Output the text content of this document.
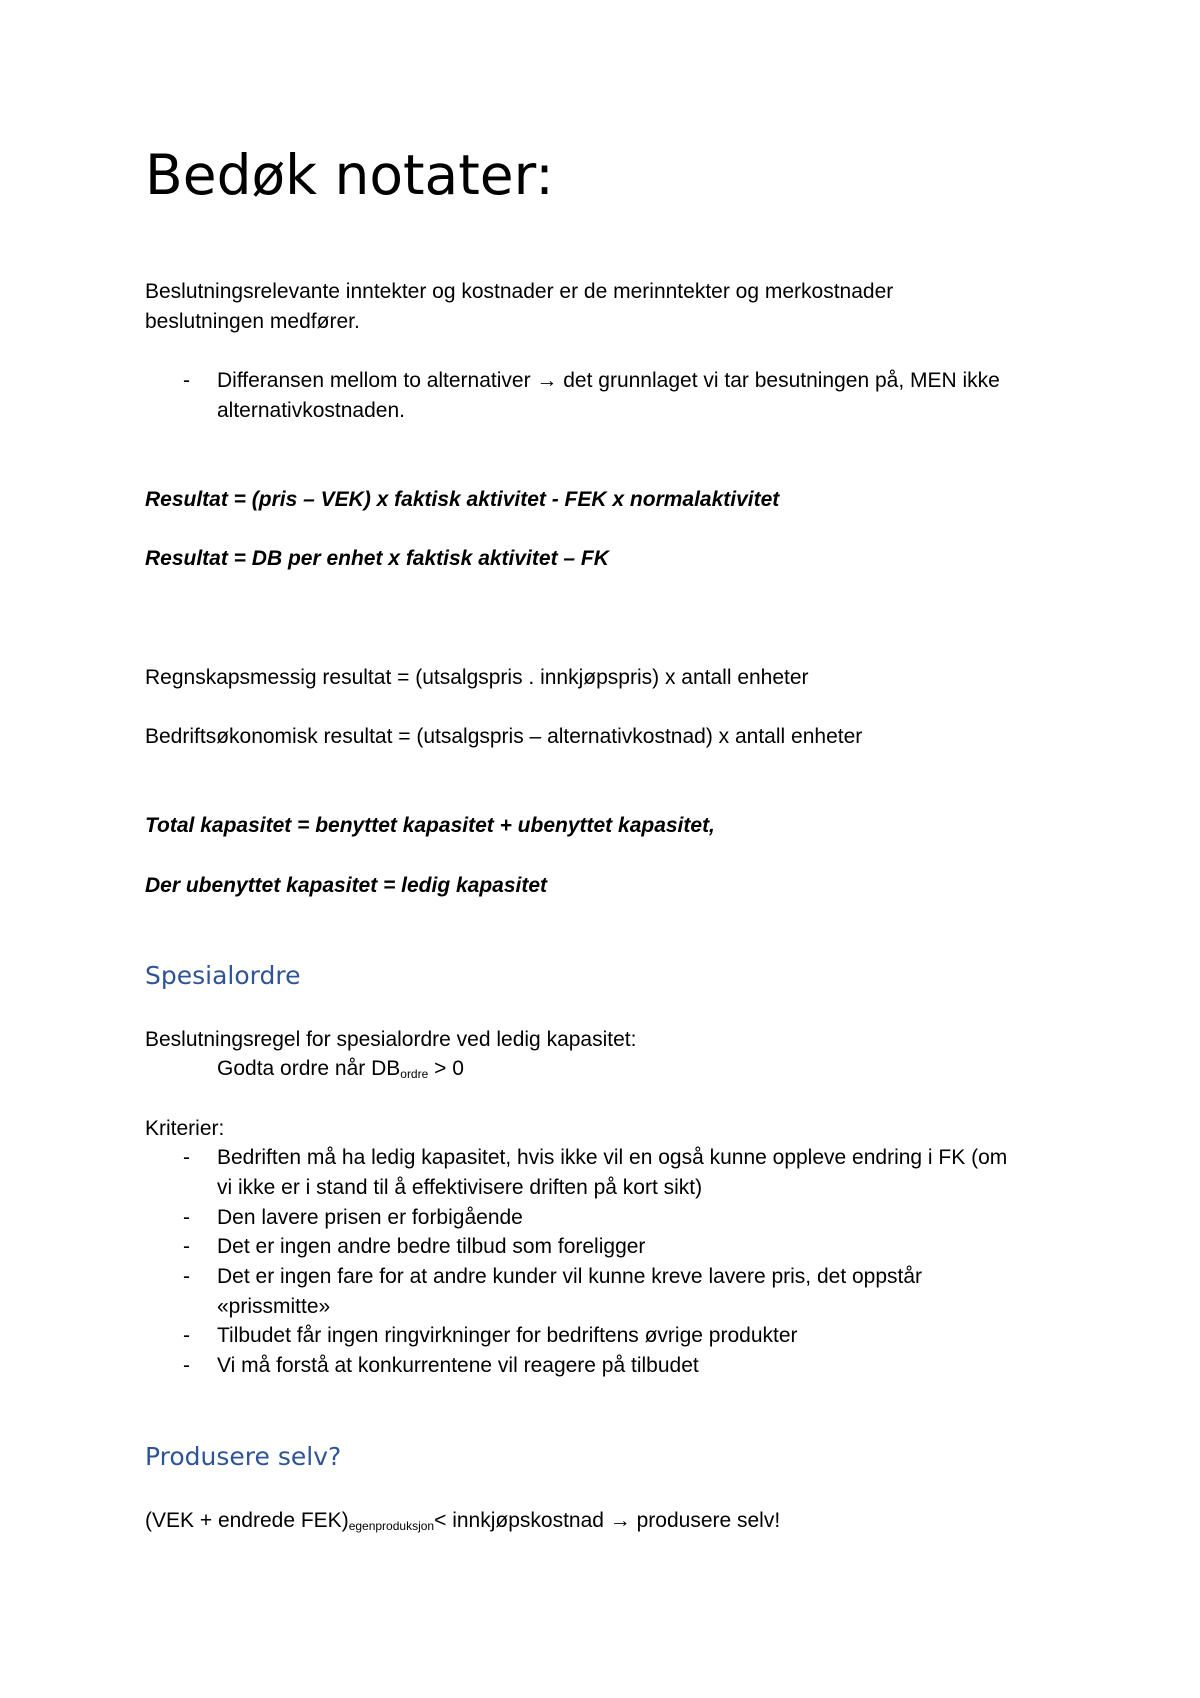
Bedøk notater:
Beslutningsrelevante inntekter og kostnader er de merinntekter og merkostnader
beslutningen medfører.
- Differansen mellom to alternativer → det grunnlaget vi tar besutningen på, MEN ikke
alternativkostnaden.
Resultat = (pris – VEK) x faktisk aktivitet - FEK x normalaktivitet
Resultat = DB per enhet x faktisk aktivitet – FK
Regnskapsmessig resultat = (utsalgspris . innkjøpspris) x antall enheter
Bedriftsøkonomisk resultat = (utsalgspris – alternativkostnad) x antall enheter
Total kapasitet = benyttet kapasitet + ubenyttet kapasitet,
Der ubenyttet kapasitet = ledig kapasitet
Spesialordre
Beslutningsregel for spesialordre ved ledig kapasitet:
Godta ordre når $DB_{ordre} > 0$
Kriterier:
- Bedriften må ha ledig kapasitet, hvis ikke vil en også kunne oppleve endring i FK (om
vi ikke er i stand til å effektivisere driften på kort sikt)
- Den lavere prisen er forbigående
- Det er ingen andre bedre tilbud som foreligger
- Det er ingen fare for at andre kunder vil kunne kreve lavere pris, det oppstår
«prissmitte»
- Tilbudet får ingen ringvirkninger for bedriftens øvrige produkter
- Vi må forstå at konkurrentene vil reagere på tilbudet
Produsere selv?
(VEK + endrede $FEK)_{egenproduksjon}<$ innkjøpskostnad → produsere selv!
